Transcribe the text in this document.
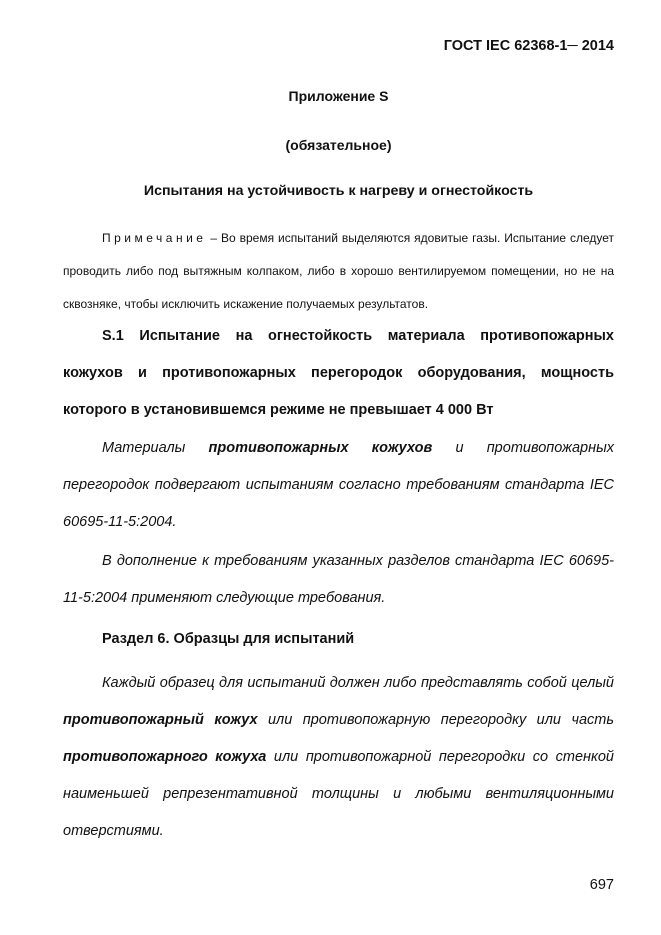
ГОСТ IEC 62368-1─ 2014
Приложение S
(обязательное)
Испытания на устойчивость к нагреву и огнестойкость
Примечание – Во время испытаний выделяются ядовитые газы. Испытание следует проводить либо под вытяжным колпаком, либо в хорошо вентилируемом помещении, но не на сквозняке, чтобы исключить искажение получаемых результатов.
S.1 Испытание на огнестойкость материала противопожарных кожухов и противопожарных перегородок оборудования, мощность которого в установившемся режиме не превышает 4 000 Вт
Материалы противопожарных кожухов и противопожарных перегородок подвергают испытаниям согласно требованиям стандарта IEC 60695-11-5:2004.
В дополнение к требованиям указанных разделов стандарта IEC 60695-11-5:2004 применяют следующие требования.
Раздел 6. Образцы для испытаний
Каждый образец для испытаний должен либо представлять собой целый противопожарный кожух или противопожарную перегородку или часть противопожарного кожуха или противопожарной перегородки со стенкой наименьшей репрезентативной толщины и любыми вентиляционными отверстиями.
697
